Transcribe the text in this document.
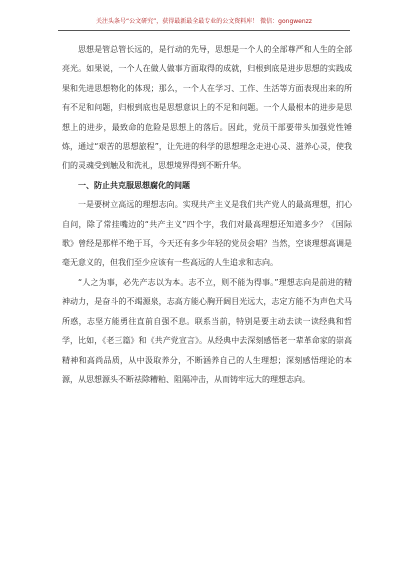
关注头条号“公文研究”，获得最新最全最专业的公文资料库！ 微信：gongwenzz

思想是管总管长远的，是行动的先导，思想是一个人的全部尊严和人生的全部亮光。如果说，一个人在做人做事方面取得的成就，归根到底是进步思想的实践成果和先进思想物化的体现；那么，一个人在学习、工作、生活等方面表现出来的所有不足和问题，归根到底也是思想意识上的不足和问题。一个人最根本的进步是思想上的进步，最致命的危险是思想上的落后。因此，党员干部要带头加强党性锤炼，通过“艰苦的思想旅程”，让先进的科学的思想理念走进心灵、滋养心灵，使我们的灵魂受到触及和洗礼，思想境界得到不断升华。

一、防止共克服思想腐化的问题

一是要树立高远的理想志向。实现共产主义是我们共产党人的最高理想，扪心自问，除了常挂嘴边的“共产主义”四个字，我们对最高理想还知道多少？《国际歌》曾经是那样不绝于耳，今天还有多少年轻的党员会唱？当然，空谈理想高调是毫无意义的，但我们至少应该有一些高远的人生追求和志向。

“人之为事，必先产志以为本。志不立，则不能为得事。”理想志向是前进的精神动力，是奋斗的不竭源泉，志高方能心胸开阔目光远大，志定方能不为声色犬马所惑，志坚方能勇往直前自强不息。联系当前，特别是要主动去读一读经典和哲学，比如，《老三篇》和《共产党宣言》。从经典中去深刻感悟老一辈革命家的崇高精神和高尚品质，从中汲取养分，不断涵养自己的人生理想；深刻感悟理论的本源，从思想源头不断祛除糟粕、阻隔冲击，从而铸牢远大的理想志向。
